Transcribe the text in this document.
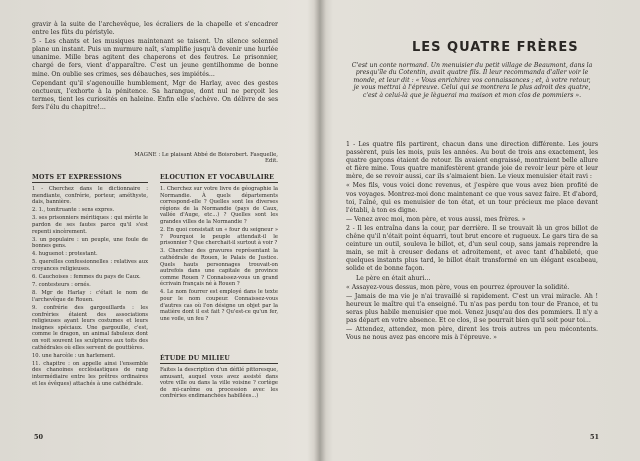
gravir à la suite de l'archevêque, les écraliers de la chapelle et s'encadrer entre les fûts du péristyle.

5 - Les chants et les musiques maintenant se taisent. Un silence solennel plane un instant. Puis un murmure naît, s'amplifie jusqu'à devenir une hurlée unanime. Mille bras agitent des chaperons et des feutres. Le prisonnier, chargé de fers, vient d'apparaître. C'est un jeune gentilhomme de bonne mine. On oublie ses crimes, ses débauches, ses impiétés...

Cependant qu'il s'agenouille humblement, Mgr de Harlay, avec des gestes onctueux, l'exhorte à la pénitence. Sa harangue, dont nul ne perçoit les termes, tient les curiosités en haleine. Enfin elle s'achève. On délivre de ses fers l'élu du chapitre!...

MAGNE : Le plaisant Abbé de Boisrobert. Fasquelle, Edit.
MOTS ET EXPRESSIONS

1 - Cherchez dans le dictionnaire : mendiante, confrérie, porteur, améthyste, dais, bannière.

2. 1., tonitruante : sens expres.

3. ses prisonniers méritiques : qui mérite le pardon de ses fautes parce qu'il s'est repenti sincèrement.

3. un populaire : un peuple, une foule de bonnes gens.

4. huguenot : protestant.

5. querelles confessionnelles : relatives aux croyances religieuses.

6. Cauchoises : femmes du pays de Caux.

7. contesteurs : ornés.

8. Mgr de Harlay : c'était le nom de l'archevêque de Rouen.

9. confrérie des gargouillards : les confréries étaient des associations religieuses ayant leurs costumes et leurs insignes spéciaux. Une gargouille, c'est, comme le dragon, un animal fabuleux dont on voit souvent les sculptures aux toits des cathédrales où elles servent de gouttières.

10. une harcèle : un harlement.

11. chapitre : on appelle ainsi l'ensemble des chanoines ecclésiastiques de rang intermédiaire entre les prêtres ordinaires et les évêques) attachés à une cathédrale.

ELOCUTION ET VOCABULAIRE

1. Cherchez sur votre livre de géographie la Normandie. À quels départements correspond-elle ? Quelles sont les diverses régions de la Normandie (pays de Caux, vallée d'Auge, etc...) ? Quelles sont les grandes villes de la Normandie ?

2. En quoi consistait un « four du seigneur » ? Pourquoi le peuple attendait-il le prisonnier ? Que cherchait-il surtout à voir ?

3. Cherchez des gravures représentant la cathédrale de Rouen, le Palais de Justice. Quels hauts personnages trouvait-on autrefois dans une capitale de province comme Rouen ? Connaissez-vous un grand écrivain français né à Rouen ?

4. Le nom fourrer est employé dans le texte pour le nom coupeur. Connaissez-vous d'autres cas où l'on désigne un objet par la matière dont il est fait ? Qu'est-ce qu'un fer, une voile, un feu ?

ÉTUDE DU MILIEU
Faites la description d'un défilé pittoresque, amusant, auquel vous avez assisté dans votre ville ou dans la ville voisine ? cortège de mi-carême ou procession avec les confréries endimanchées habillées...)
50
LES QUATRE FRÈRES
C'est un conte normand. Un menuisier du petit village de Beaumont, dans la presqu'île du Cotentin, avait quatre fils. Il leur recommanda d'aller voir le monde, et leur dit : « Vous enrichirez vos connaissances ; et, à votre retour, je vous mettrai à l'épreuve. Celui qui se montrera le plus adroit des quatre, c'est à celui-là que je lèguerai ma maison et mon clos de pommiers ».

1 - Les quatre fils partirent, chacun dans une direction différente. Les jours passèrent, puis les mois, puis les années. Au bout de trois ans exactement, les quatre garçons étaient de retour. Ils avaient engraissé, montraient belle allure et fière mine. Tous quatre manifestèrent grande joie de revoir leur père et leur mère, de se revoir aussi, car ils s'aimaient bien. Le vieux menuisier était ravi :

« Mes fils, vous voici donc revenus, et j'espère que vous avez bien profité de vos voyages. Montrez-moi donc maintenant ce que vous savez faire. Et d'abord, toi, l'aîné, qui es menuisier de ton état, et un tour précieux me place devant l'établi, à ton es digne.

— Venez avec moi, mon père, et vous aussi, mes frères. »

2 - Il les entraîna dans la cour, par derrière. Il se trouvait là un gros billot de chêne qu'il n'était point équarri, tout brut encore et rugueux. Le gars tira de sa ceinture un outil, souleva le billot, et, d'un seul coup, sans jamais reprendre la main, se mit à creuser dedans et adroitement, et avec tant d'habileté, que quelques instants plus tard, le billot était transformé en un élégant escabeau, solide et de bonne façon.

Le père en était ahuri...

« Assayez-vous dessus, mon père, vous en pourrez éprouver la solidité.

— Jamais de ma vie je n'ai travaillé si rapidement. C'est un vrai miracle. Ah ! heureux le maître qui t'a enseigné. Tu n'as pas perdu ton tour de France, et tu seras plus habile menuisier que moi. Venez jusqu'au dos des pommiers. Il n'y a pas départ en votre absence. Et ce clos, il se pourrait bien qu'il soit pour toi...

— Attendez, attendez, mon père, dirent les trois autres un peu mécontents. Vous ne nous avez pas encore mis à l'épreuve. »

51
